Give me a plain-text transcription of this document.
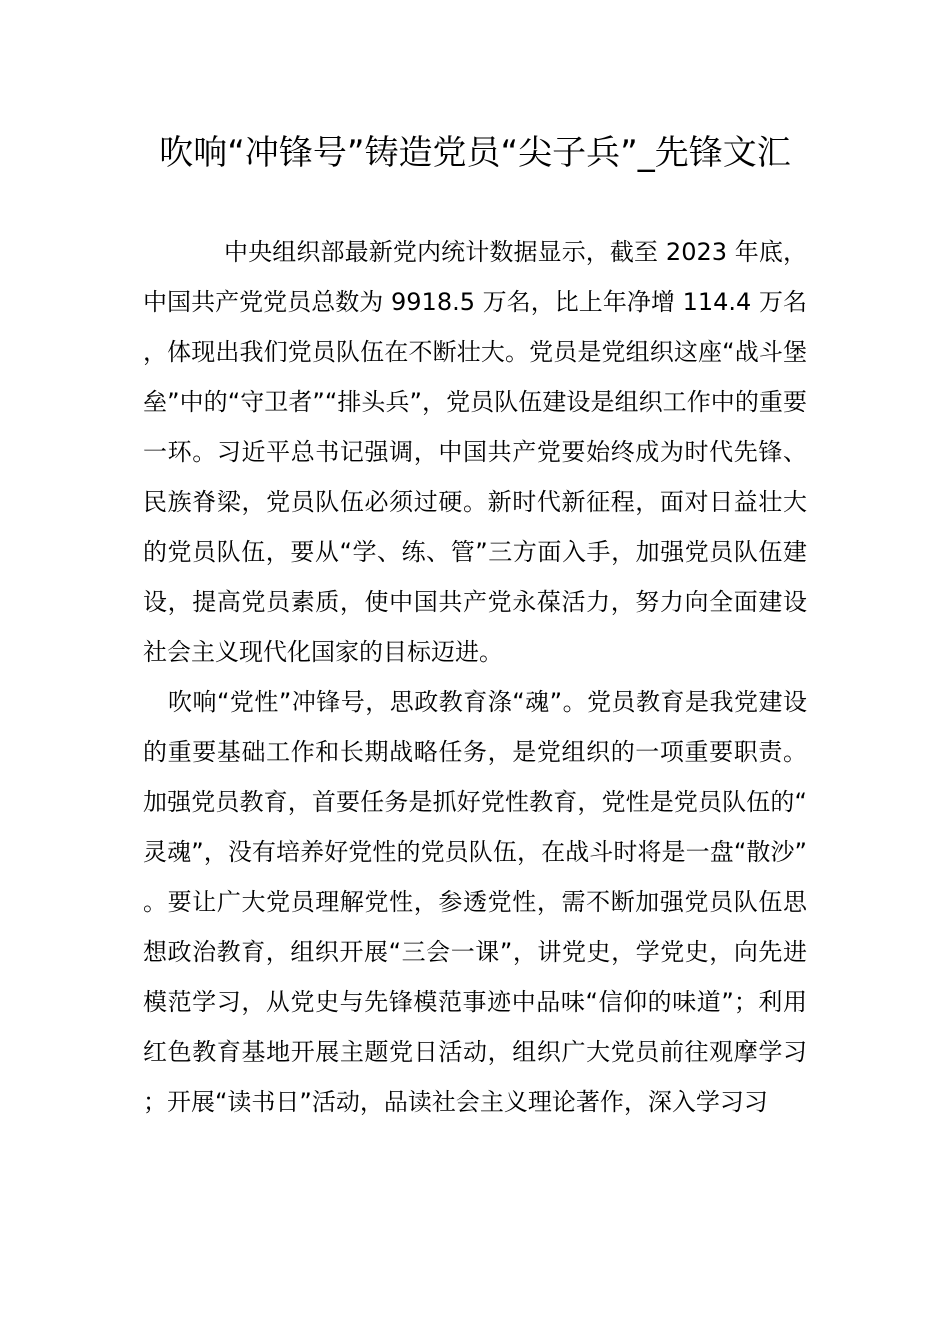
吹响“冲锋号”铸造党员“尖子兵”_先锋文汇

中央组织部最新党内统计数据显示，截至 2023 年底，中国共产党党员总数为 9918.5 万名，比上年净增 114.4 万名，体现出我们党员队伍在不断壮大。党员是党组织这座“战斗堡垒”中的“守卫者”“排头兵”，党员队伍建设是组织工作中的重要一环。习近平总书记强调，中国共产党要始终成为时代先锋、民族脊梁，党员队伍必须过硬。新时代新征程，面对日益壮大的党员队伍，要从“学、练、管”三方面入手，加强党员队伍建设，提高党员素质，使中国共产党永葆活力，努力向全面建设社会主义现代化国家的目标迈进。

吹响“党性”冲锋号，思政教育涤“魂”。党员教育是我党建设的重要基础工作和长期战略任务，是党组织的一项重要职责。加强党员教育，首要任务是抓好党性教育，党性是党员队伍的“灵魂”，没有培养好党性的党员队伍，在战斗时将是一盘“散沙”。要让广大党员理解党性，参透党性，需不断加强党员队伍思想政治教育，组织开展“三会一课”，讲党史，学党史，向先进模范学习，从党史与先锋模范事迹中品味“信仰的味道”；利用红色教育基地开展主题党日活动，组织广大党员前往观摩学习；开展“读书日”活动，品读社会主义理论著作，深入学习习
